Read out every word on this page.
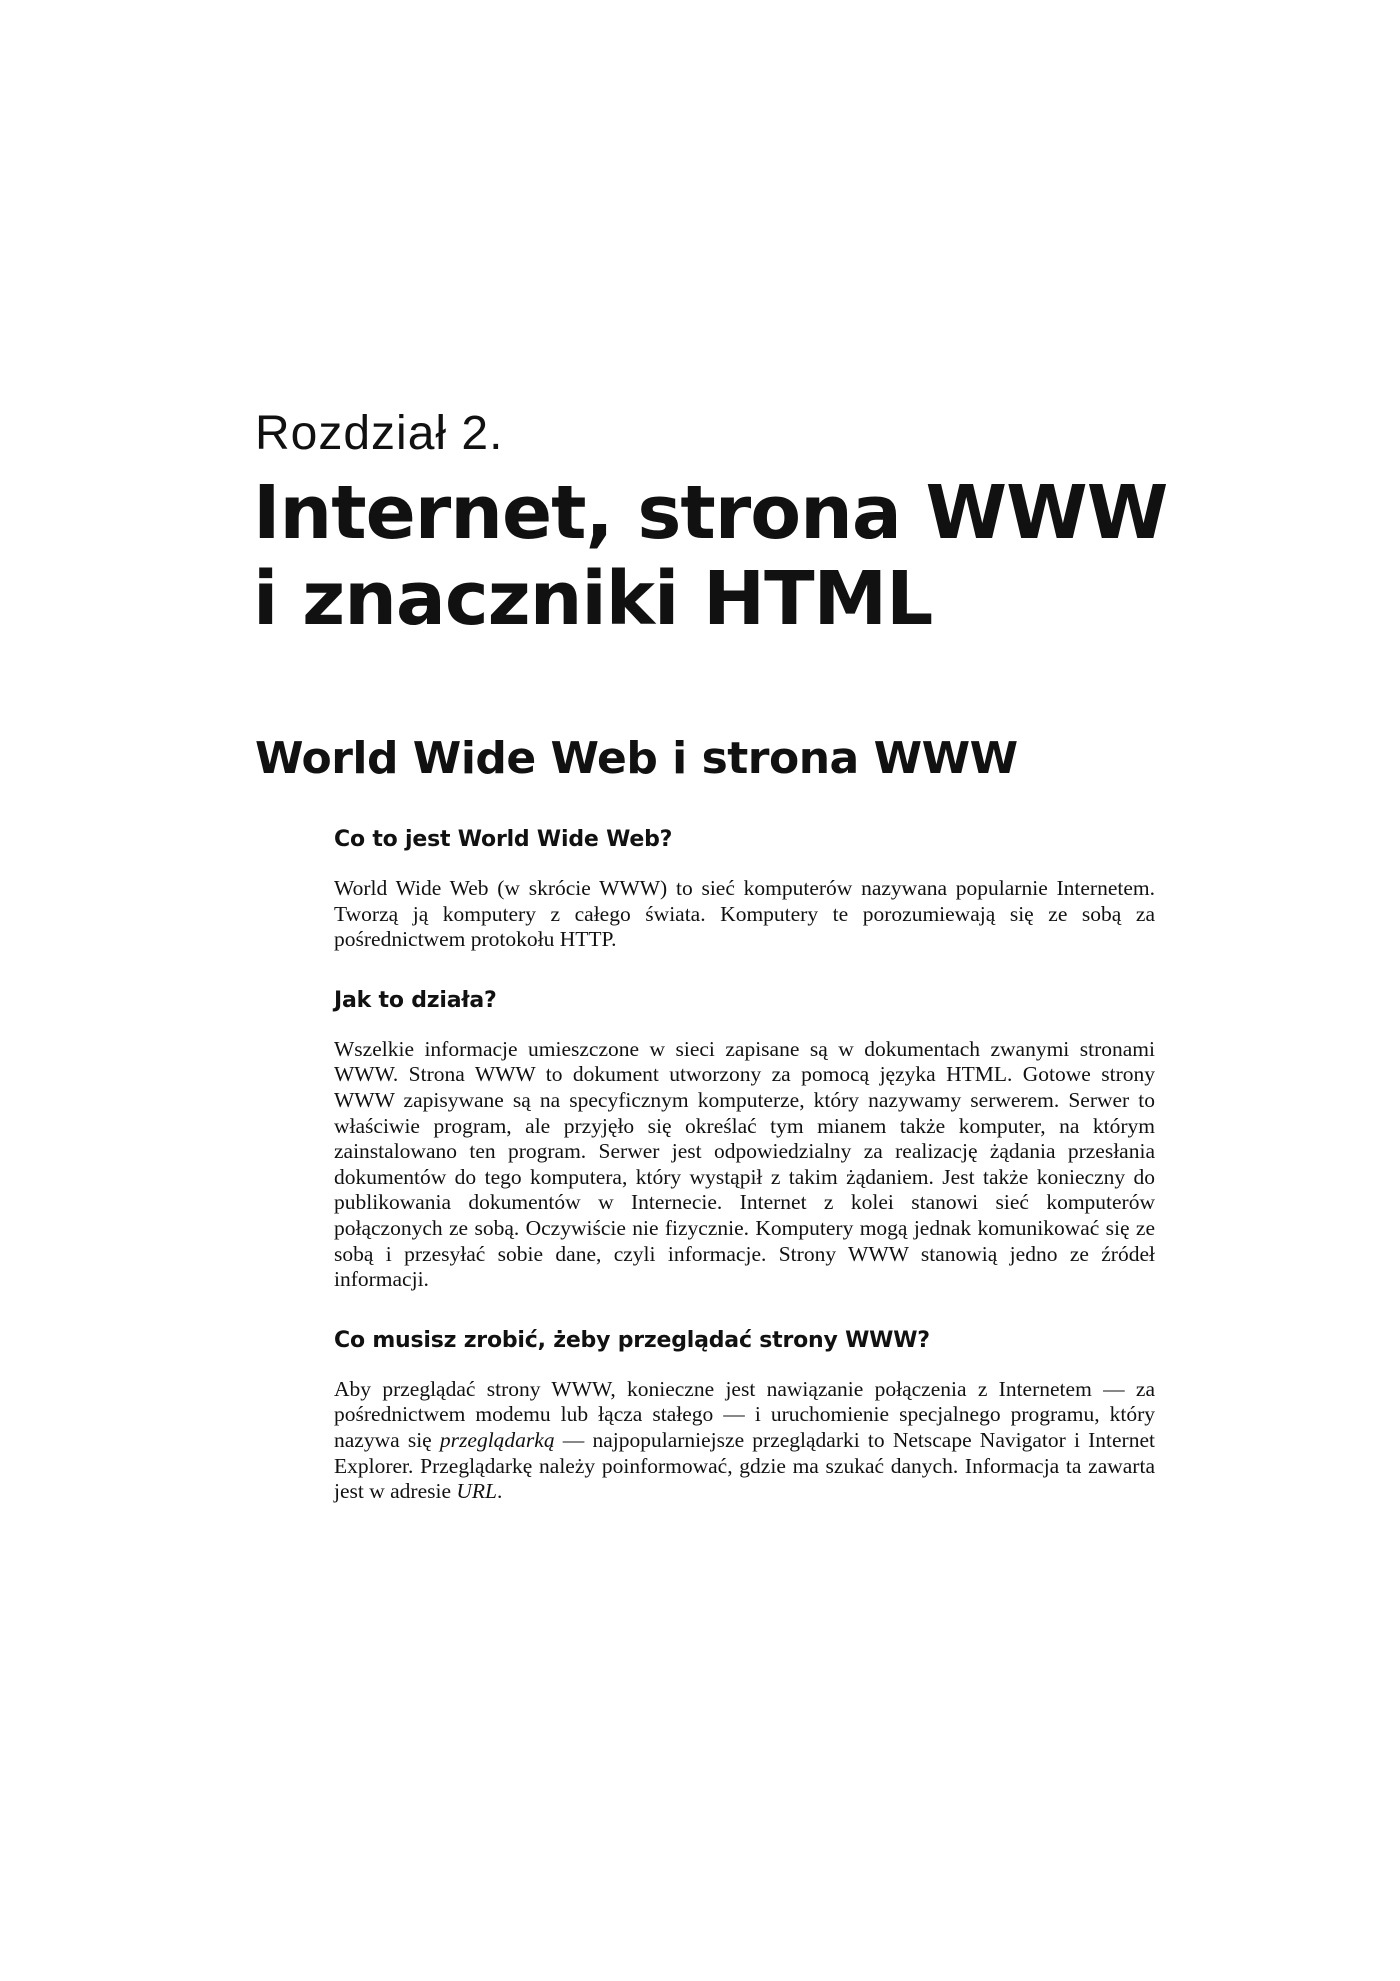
Rozdział 2.
Internet, strona WWW
i znaczniki HTML
World Wide Web i strona WWW
Co to jest World Wide Web?

World Wide Web (w skrócie WWW) to sieć komputerów nazywana popularnie Internetem. Tworzą ją komputery z całego świata. Komputery te porozumiewają się ze sobą za pośrednictwem protokołu HTTP.

Jak to działa?

Wszelkie informacje umieszczone w sieci zapisane są w dokumentach zwanymi stronami WWW. Strona WWW to dokument utworzony za pomocą języka HTML. Gotowe strony WWW zapisywane są na specyficznym komputerze, który nazywamy serwerem. Serwer to właściwie program, ale przyjęło się określać tym mianem także komputer, na którym zainstalowano ten program. Serwer jest odpowiedzialny za realizację żądania przesłania dokumentów do tego komputera, który wystąpił z takim żądaniem. Jest także konieczny do publikowania dokumentów w Internecie. Internet z kolei stanowi sieć komputerów połączonych ze sobą. Oczywiście nie fizycznie. Komputery mogą jednak komunikować się ze sobą i przesyłać sobie dane, czyli informacje. Strony WWW stanowią jedno ze źródeł informacji.

Co musisz zrobić, żeby przeglądać strony WWW?

Aby przeglądać strony WWW, konieczne jest nawiązanie połączenia z Internetem — za pośrednictwem modemu lub łącza stałego — i uruchomienie specjalnego programu, który nazywa się przeglądarką — najpopularniejsze przeglądarki to Netscape Navigator i Internet Explorer. Przeglądarkę należy poinformować, gdzie ma szukać danych. Informacja ta zawarta jest w adresie URL.
